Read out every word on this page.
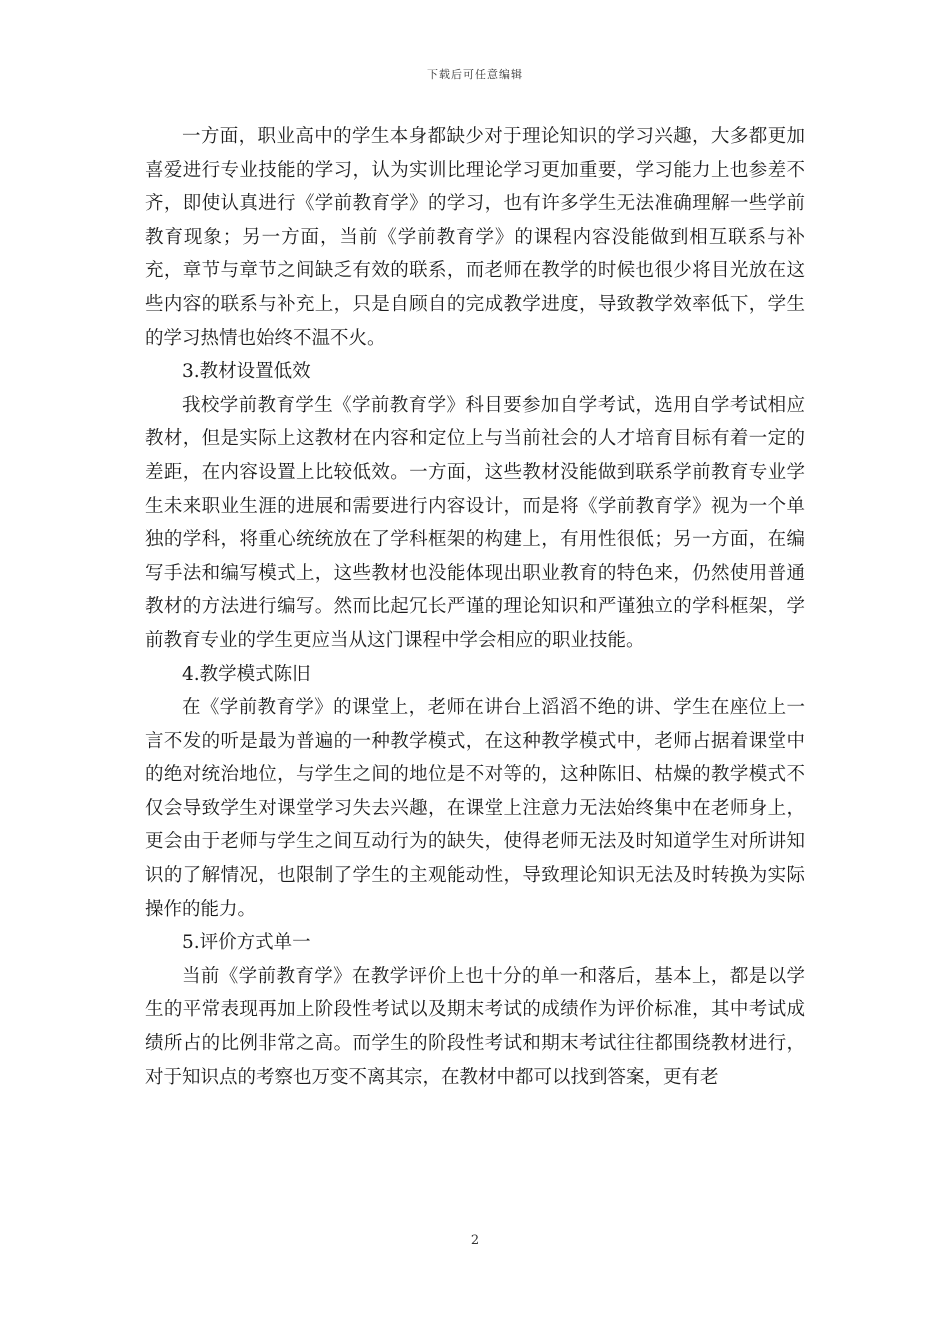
下载后可任意编辑

一方面，职业高中的学生本身都缺少对于理论知识的学习兴趣，大多都更加喜爱进行专业技能的学习，认为实训比理论学习更加重要，学习能力上也参差不齐，即使认真进行《学前教育学》的学习，也有许多学生无法准确理解一些学前教育现象；另一方面，当前《学前教育学》的课程内容没能做到相互联系与补充，章节与章节之间缺乏有效的联系，而老师在教学的时候也很少将目光放在这些内容的联系与补充上，只是自顾自的完成教学进度，导致教学效率低下，学生的学习热情也始终不温不火。

3.教材设置低效

我校学前教育学生《学前教育学》科目要参加自学考试，选用自学考试相应教材，但是实际上这教材在内容和定位上与当前社会的人才培育目标有着一定的差距，在内容设置上比较低效。一方面，这些教材没能做到联系学前教育专业学生未来职业生涯的进展和需要进行内容设计，而是将《学前教育学》视为一个单独的学科，将重心统统放在了学科框架的构建上，有用性很低；另一方面，在编写手法和编写模式上，这些教材也没能体现出职业教育的特色来，仍然使用普通教材的方法进行编写。然而比起冗长严谨的理论知识和严谨独立的学科框架，学前教育专业的学生更应当从这门课程中学会相应的职业技能。

4.教学模式陈旧

在《学前教育学》的课堂上，老师在讲台上滔滔不绝的讲、学生在座位上一言不发的听是最为普遍的一种教学模式，在这种教学模式中，老师占据着课堂中的绝对统治地位，与学生之间的地位是不对等的，这种陈旧、枯燥的教学模式不仅会导致学生对课堂学习失去兴趣，在课堂上注意力无法始终集中在老师身上，更会由于老师与学生之间互动行为的缺失，使得老师无法及时知道学生对所讲知识的了解情况，也限制了学生的主观能动性，导致理论知识无法及时转换为实际操作的能力。

5.评价方式单一

当前《学前教育学》在教学评价上也十分的单一和落后，基本上，都是以学生的平常表现再加上阶段性考试以及期末考试的成绩作为评价标准，其中考试成绩所占的比例非常之高。而学生的阶段性考试和期末考试往往都围绕教材进行，对于知识点的考察也万变不离其宗，在教材中都可以找到答案，更有老

2
